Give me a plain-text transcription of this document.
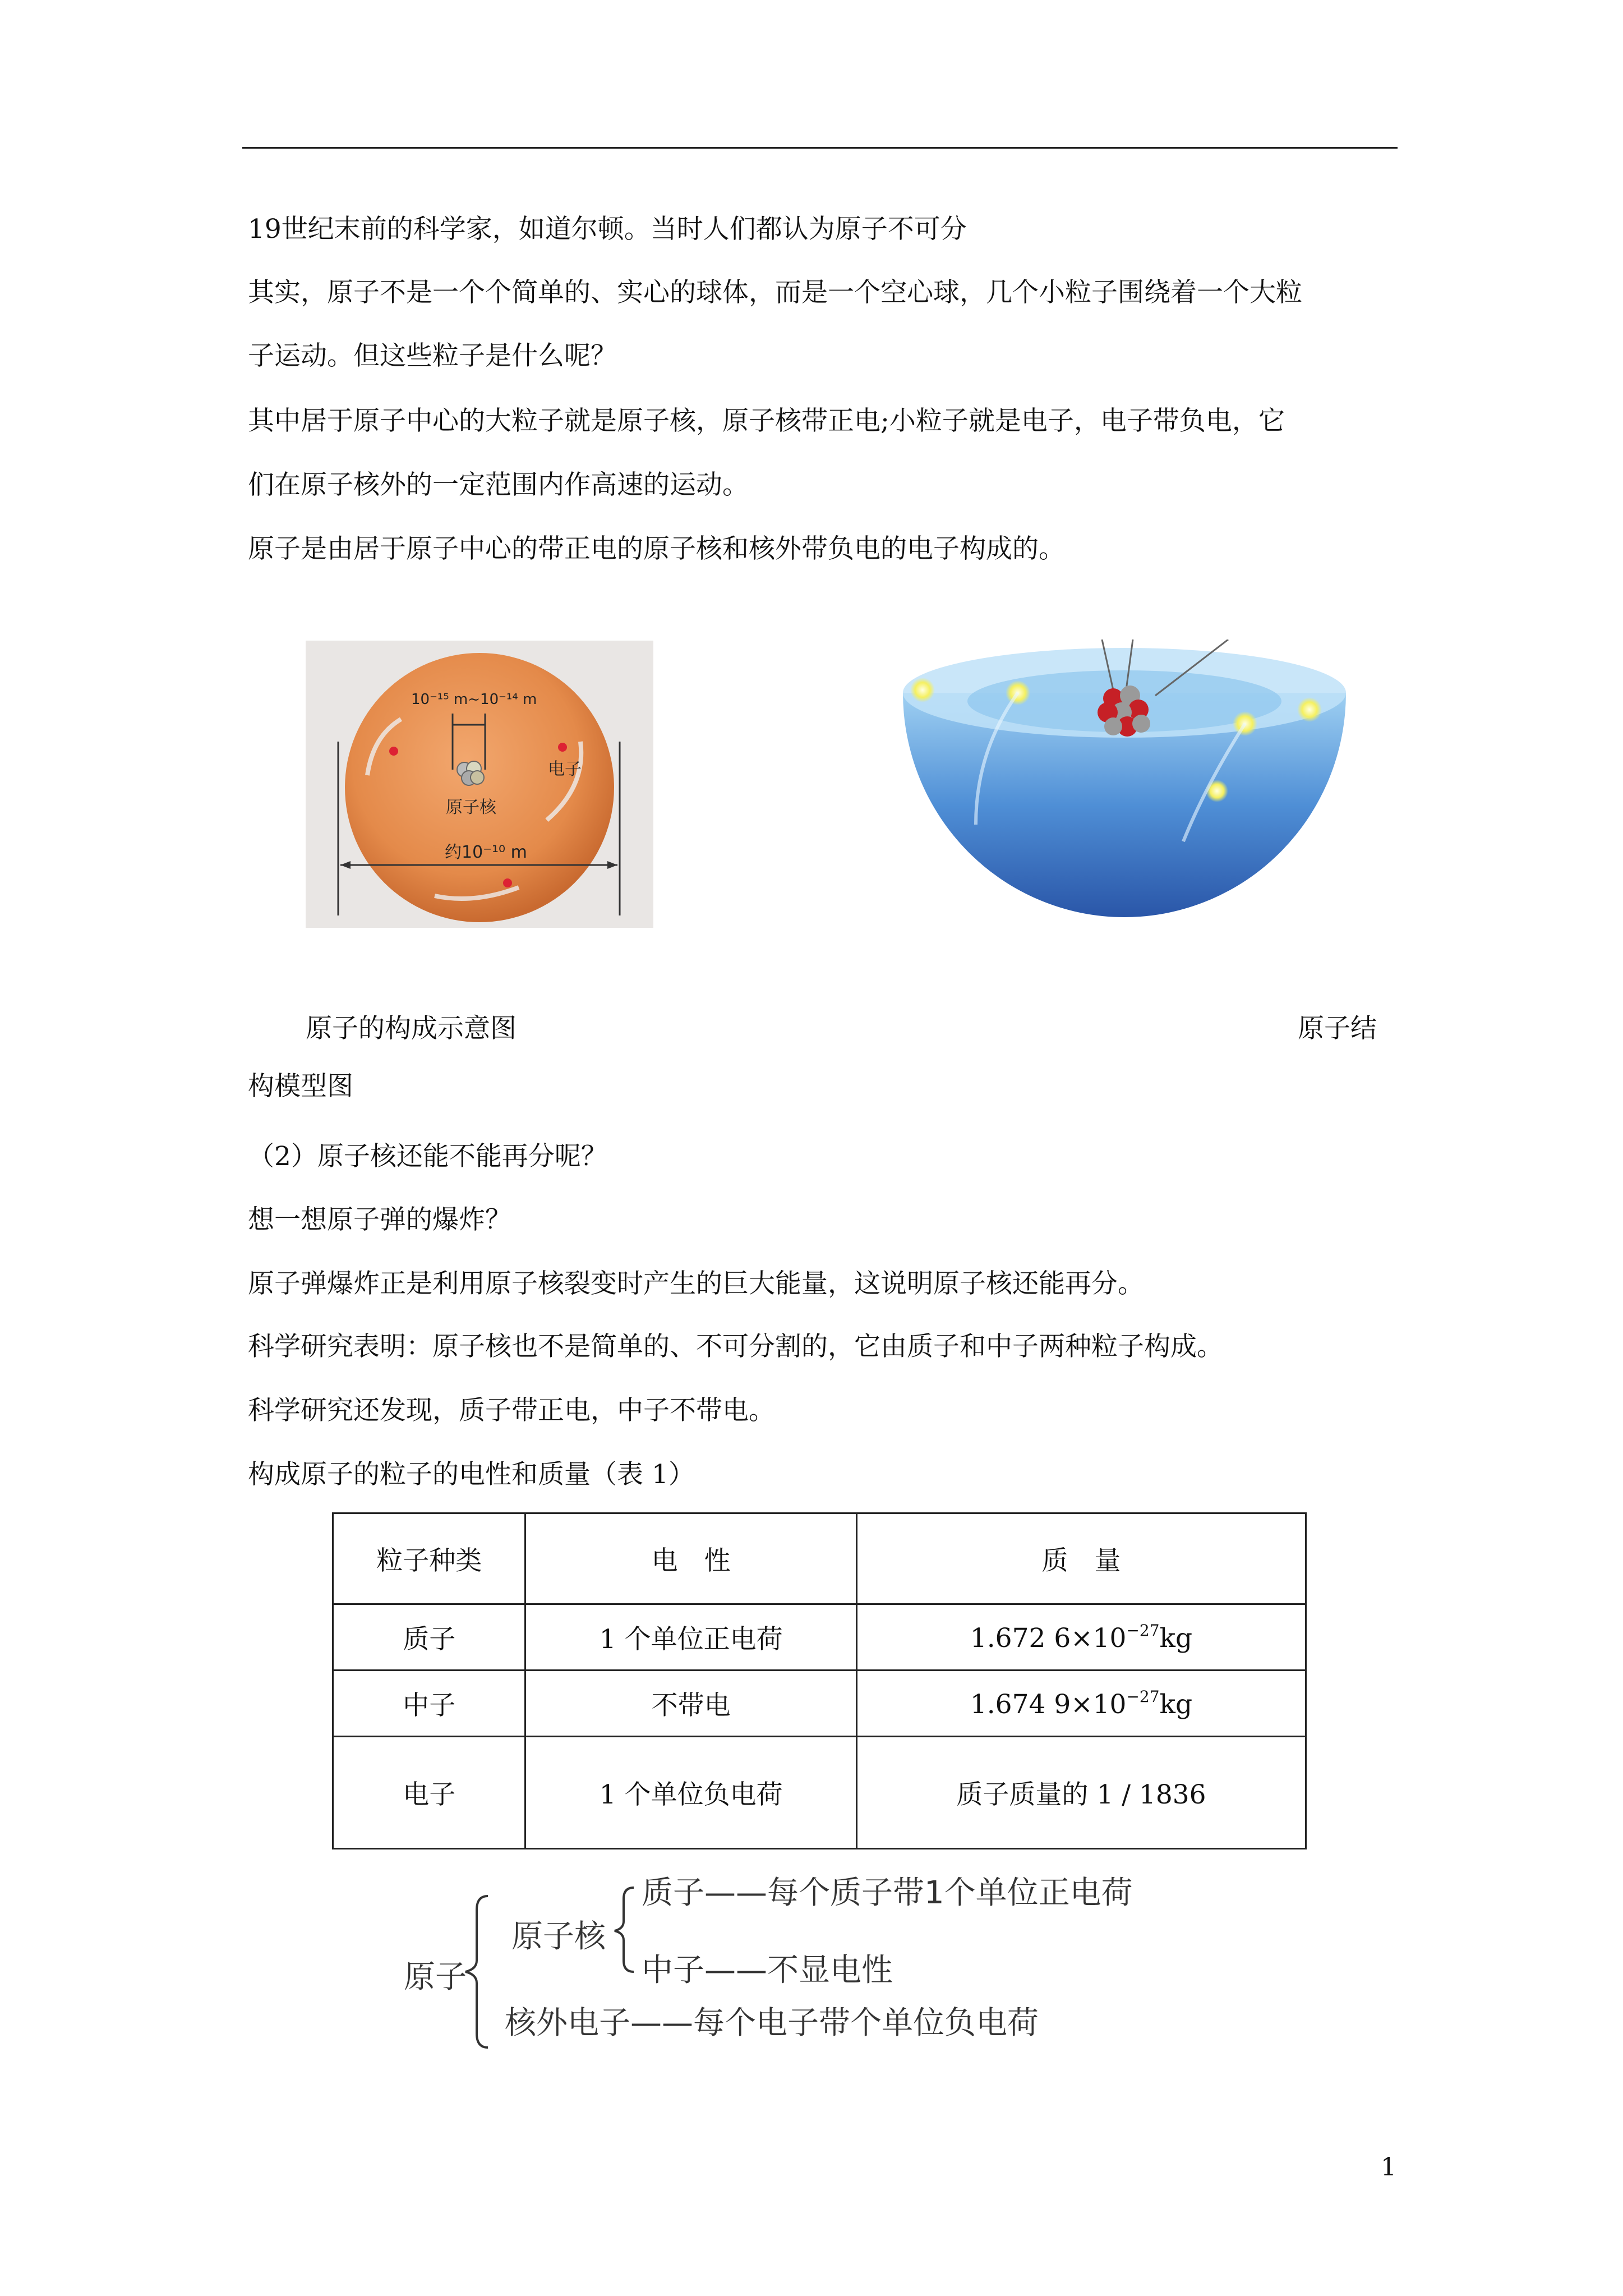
19世纪末前的科学家，如道尔顿。当时人们都认为原子不可分
其实，原子不是一个个简单的、实心的球体，而是一个空心球，几个小粒子围绕着一个大粒
子运动。但这些粒子是什么呢？
其中居于原子中心的大粒子就是原子核，原子核带正电;小粒子就是电子，电子带负电，它
们在原子核外的一定范围内作高速的运动。
原子是由居于原子中心的带正电的原子核和核外带负电的电子构成的。
10⁻¹⁵ m~10⁻¹⁴ m
电子
原子核
约10⁻¹⁰ m
原子的构成示意图	原子结
构模型图
（2）原子核还能不能再分呢？
想一想原子弹的爆炸？
原子弹爆炸正是利用原子核裂变时产生的巨大能量，这说明原子核还能再分。
科学研究表明：原子核也不是简单的、不可分割的，它由质子和中子两种粒子构成。
科学研究还发现，质子带正电，中子不带电。
构成原子的粒子的电性和质量（表 1）
粒子种类	电　性	质　量
质子	1 个单位正电荷	1.672 $6\times 10^{-27}kg$
中子	不带电	1.674 $9\times 10^{-27}kg$
电子	1 个单位负电荷	质子质量的 1 / 1836
原子
原子核
质子——每个质子带1个单位正电荷
中子——不显电性
核外电子——每个电子带个单位负电荷
1
